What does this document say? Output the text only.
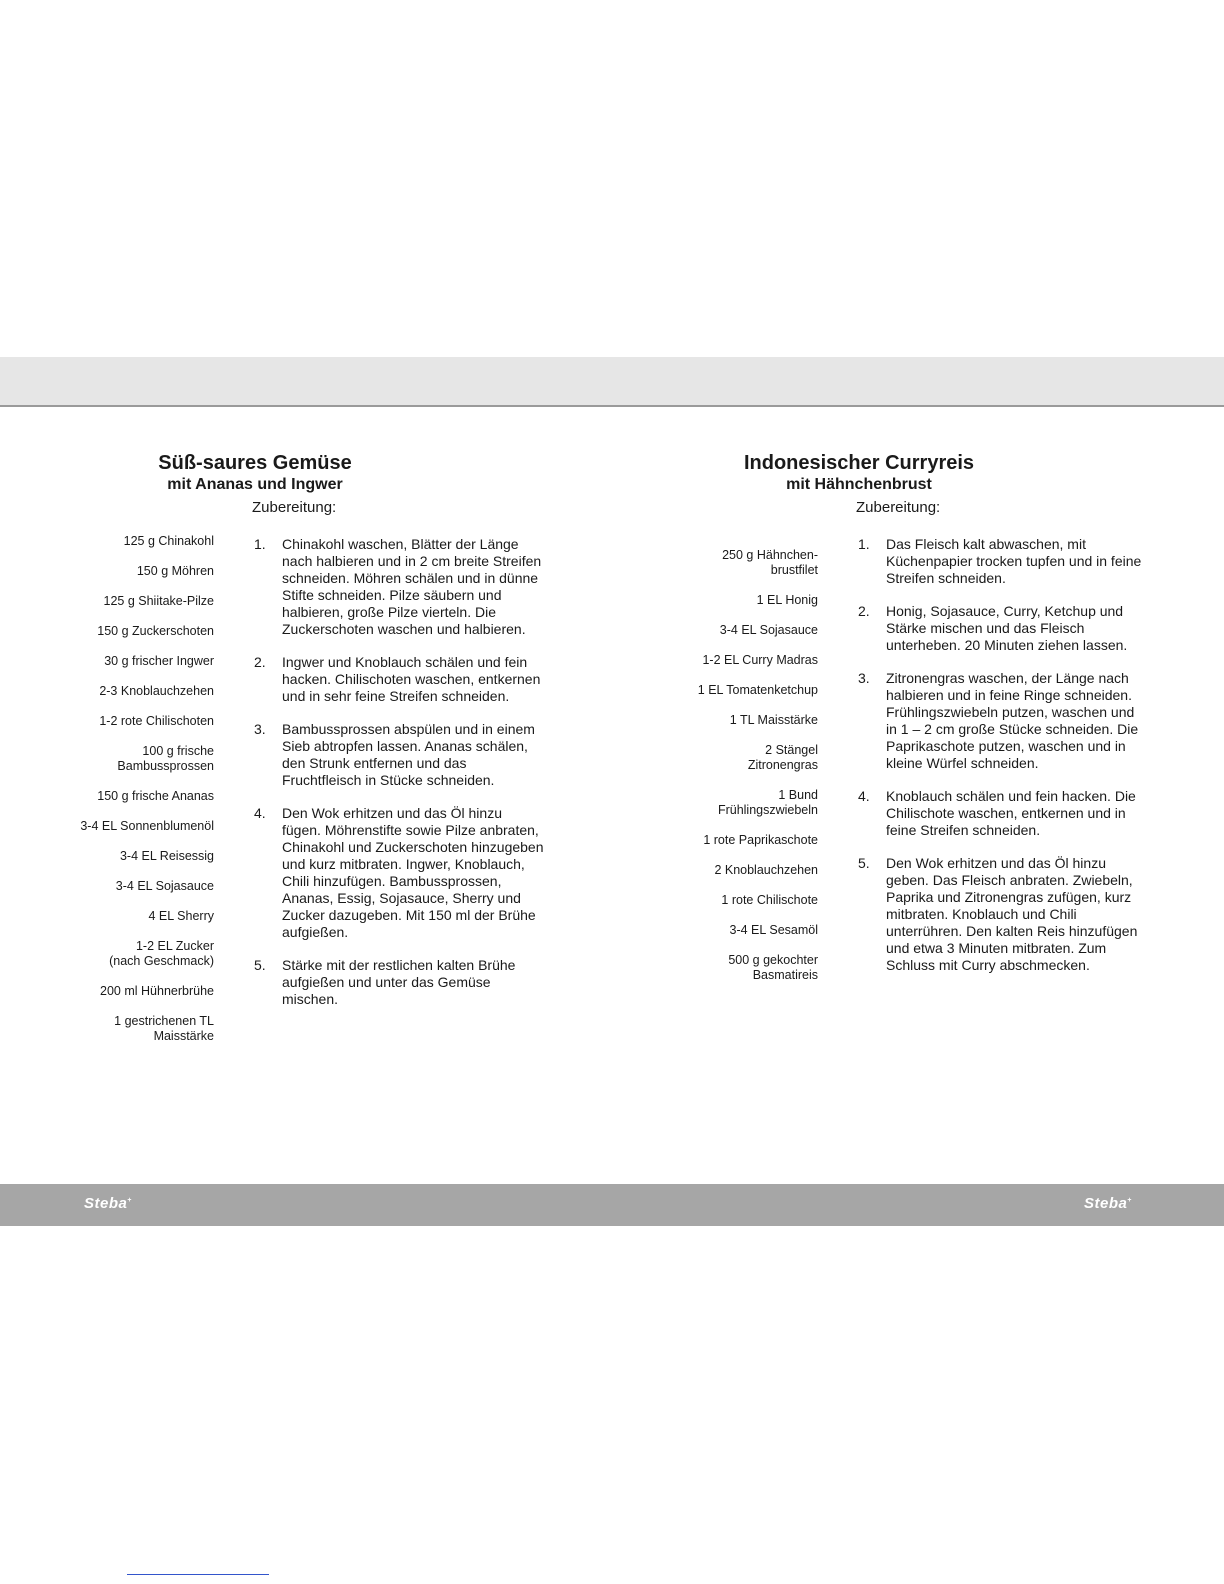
Süß-saures Gemüse
mit Ananas und Ingwer
Zubereitung:
125 g Chinakohl
150 g Möhren
125 g Shiitake-Pilze
150 g Zuckerschoten
30 g frischer Ingwer
2-3 Knoblauchzehen
1-2 rote Chilischoten
100 g frische
Bambussprossen
150 g frische Ananas
3-4 EL Sonnenblumenöl
3-4 EL Reisessig
3-4 EL Sojasauce
4 EL Sherry
1-2 EL Zucker
(nach Geschmack)
200 ml Hühnerbrühe
1 gestrichenen TL
Maisstärke
1. Chinakohl waschen, Blätter der Länge nach halbieren und in 2 cm breite Streifen schneiden. Möhren schälen und in dünne Stifte schneiden. Pilze säubern und halbieren, große Pilze vierteln. Die Zuckerschoten waschen und halbieren.
2. Ingwer und Knoblauch schälen und fein hacken. Chilischoten waschen, entkernen und in sehr feine Streifen schneiden.
3. Bambussprossen abspülen und in einem Sieb abtropfen lassen. Ananas schälen, den Strunk entfernen und das Fruchtfleisch in Stücke schneiden.
4. Den Wok erhitzen und das Öl hinzu fügen. Möhrenstifte sowie Pilze anbraten, Chinakohl und Zuckerschoten hinzugeben und kurz mitbraten. Ingwer, Knoblauch, Chili hinzufügen. Bambussprossen, Ananas, Essig, Sojasauce, Sherry und Zucker dazugeben. Mit 150 ml der Brühe aufgießen.
5. Stärke mit der restlichen kalten Brühe aufgießen und unter das Gemüse mischen.
Indonesischer Curryreis
mit Hähnchenbrust
Zubereitung:
250 g Hähnchen-
brustfilet
1 EL Honig
3-4 EL Sojasauce
1-2 EL Curry Madras
1 EL Tomatenketchup
1 TL Maisstärke
2 Stängel
Zitronengras
1 Bund
Frühlingszwiebeln
1 rote Paprikaschote
2 Knoblauchzehen
1 rote Chilischote
3-4 EL Sesamöl
500 g gekochter
Basmatireis
1. Das Fleisch kalt abwaschen, mit Küchenpapier trocken tupfen und in feine Streifen schneiden.
2. Honig, Sojasauce, Curry, Ketchup und Stärke mischen und das Fleisch unterheben. 20 Minuten ziehen lassen.
3. Zitronengras waschen, der Länge nach halbieren und in feine Ringe schneiden. Frühlingszwiebeln putzen, waschen und in 1 – 2 cm große Stücke schneiden. Die Paprikaschote putzen, waschen und in kleine Würfel schneiden.
4. Knoblauch schälen und fein hacken. Die Chilischote waschen, entkernen und in feine Streifen schneiden.
5. Den Wok erhitzen und das Öl hinzu geben. Das Fleisch anbraten. Zwiebeln, Paprika und Zitronengras zufügen, kurz mitbraten. Knoblauch und Chili unterrühren. Den kalten Reis hinzufügen und etwa 3 Minuten mitbraten. Zum Schluss mit Curry abschmecken.
Steba+	Steba+
